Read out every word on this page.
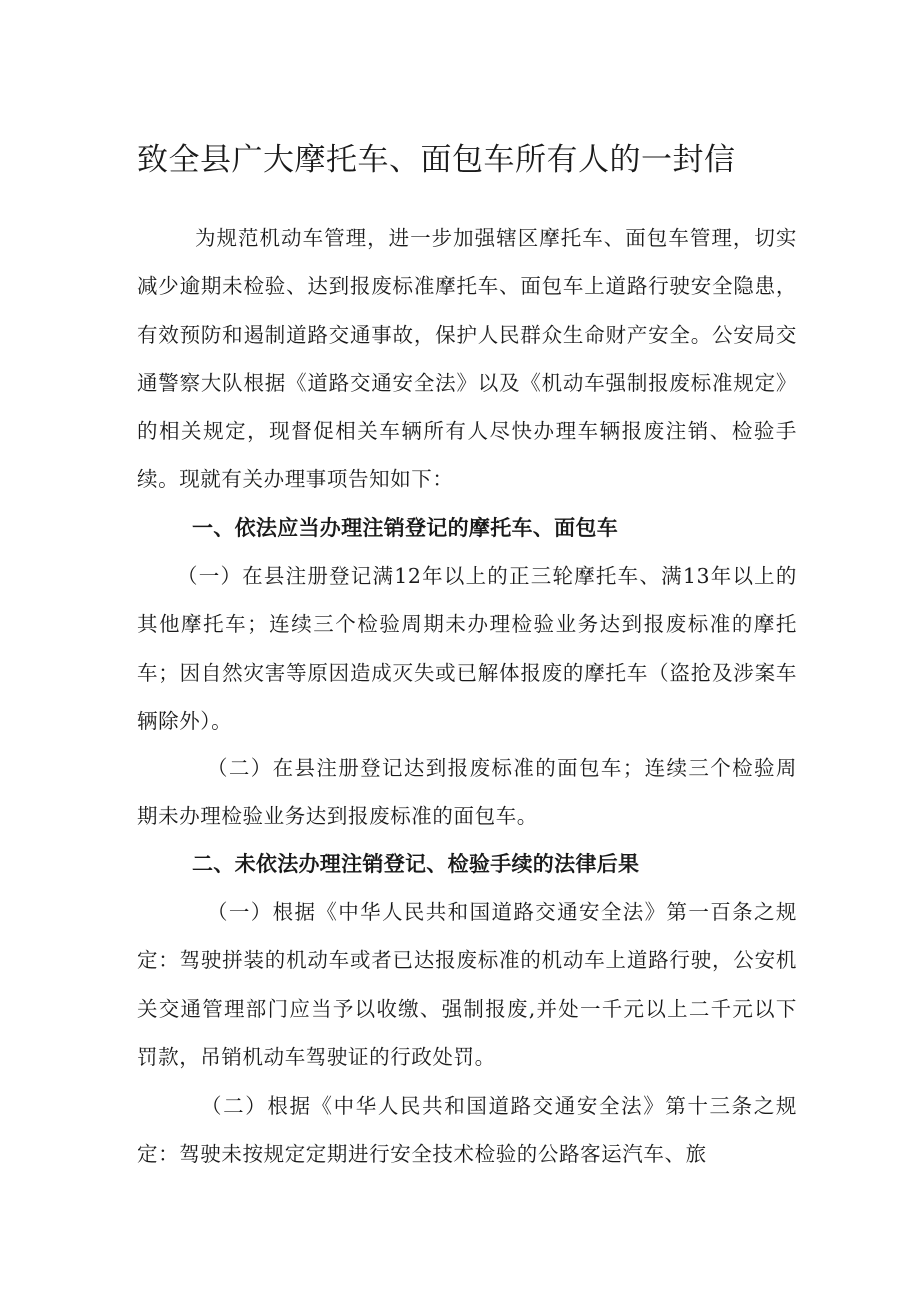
致全县广大摩托车、面包车所有人的一封信

为规范机动车管理，进一步加强辖区摩托车、面包车管理，切实减少逾期未检验、达到报废标准摩托车、面包车上道路行驶安全隐患，有效预防和遏制道路交通事故，保护人民群众生命财产安全。公安局交通警察大队根据《道路交通安全法》以及《机动车强制报废标准规定》的相关规定，现督促相关车辆所有人尽快办理车辆报废注销、检验手续。现就有关办理事项告知如下：

一、依法应当办理注销登记的摩托车、面包车

（一）在县注册登记满12年以上的正三轮摩托车、满13年以上的其他摩托车；连续三个检验周期未办理检验业务达到报废标准的摩托车；因自然灾害等原因造成灭失或已解体报废的摩托车（盗抢及涉案车辆除外）。

（二）在县注册登记达到报废标准的面包车；连续三个检验周期未办理检验业务达到报废标准的面包车。

二、未依法办理注销登记、检验手续的法律后果

（一）根据《中华人民共和国道路交通安全法》第一百条之规定：驾驶拼装的机动车或者已达报废标准的机动车上道路行驶，公安机关交通管理部门应当予以收缴、强制报废,并处一千元以上二千元以下罚款，吊销机动车驾驶证的行政处罚。

（二）根据《中华人民共和国道路交通安全法》第十三条之规定：驾驶未按规定定期进行安全技术检验的公路客运汽车、旅
